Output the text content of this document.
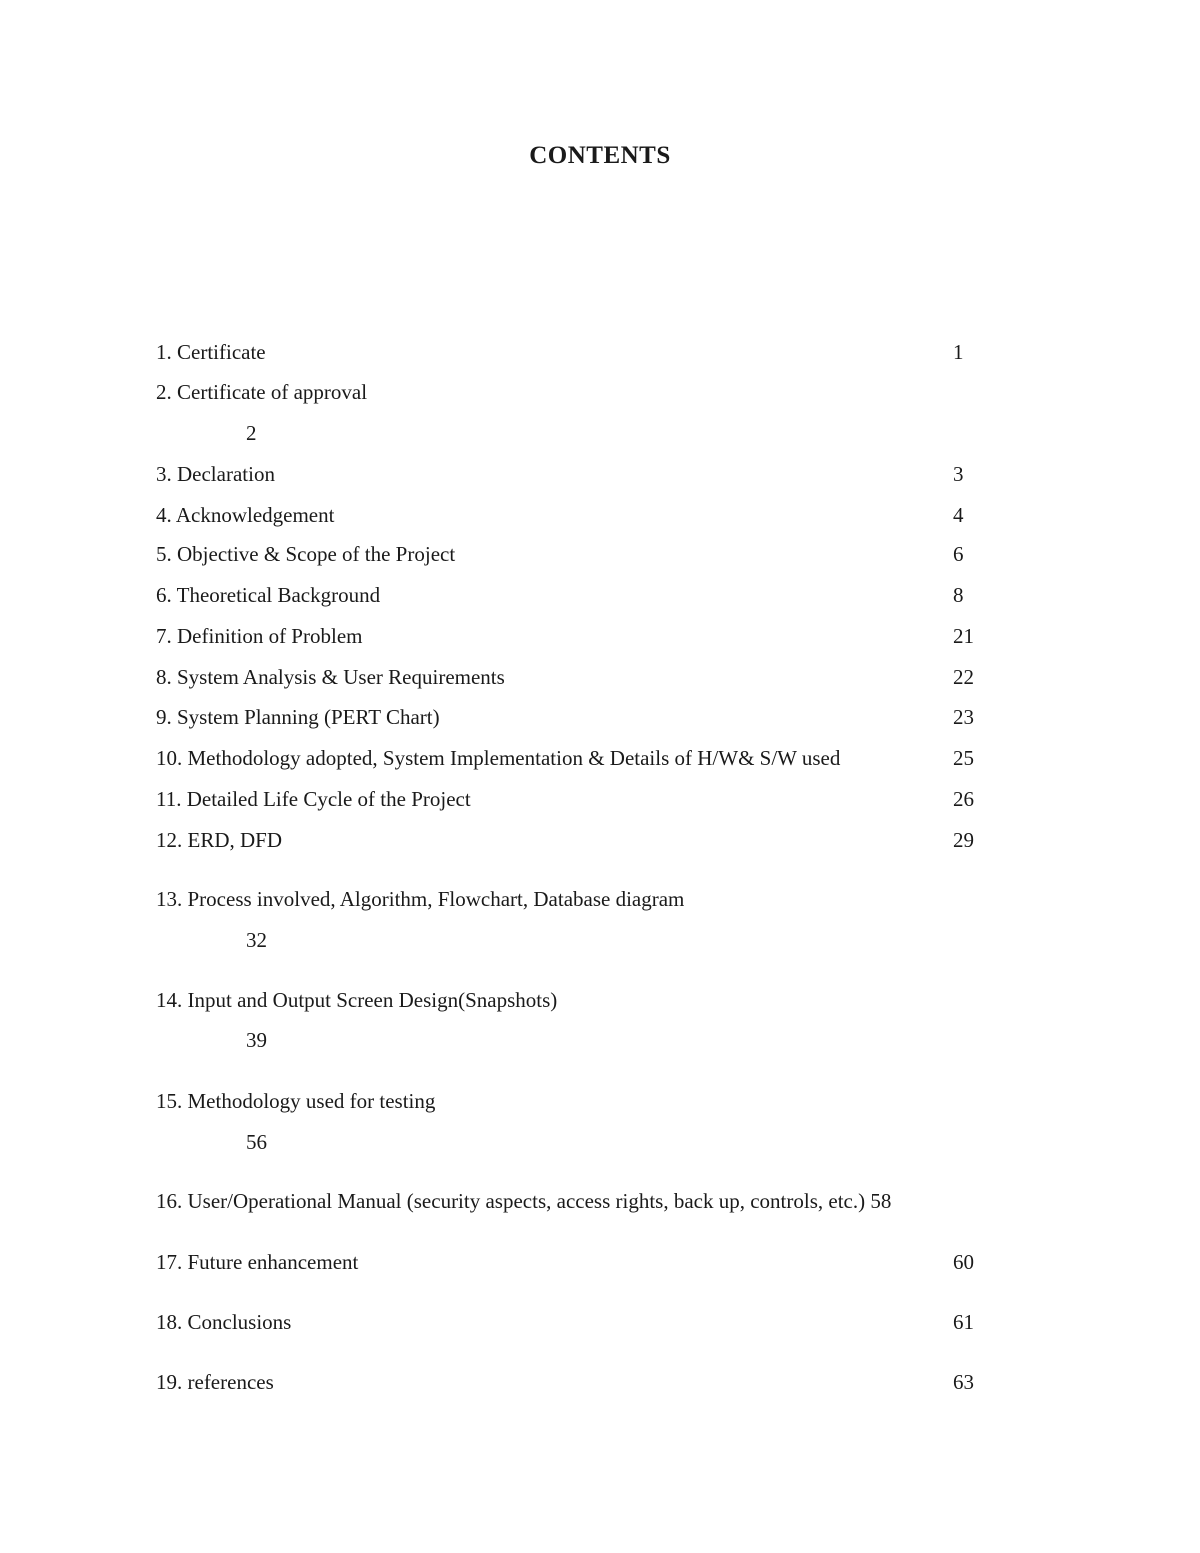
CONTENTS
1. Certificate	1
2. Certificate of approval
2
3. Declaration	3
4. Acknowledgement	4
5. Objective & Scope of the Project	6
6. Theoretical Background	8
7. Definition of Problem	21
8. System Analysis & User Requirements	22
9. System Planning (PERT Chart)	23
10. Methodology adopted, System Implementation & Details of H/W& S/W used	25
11. Detailed Life Cycle of the Project	26
12. ERD, DFD	29
13. Process involved, Algorithm, Flowchart, Database diagram
32
14. Input and Output Screen Design(Snapshots)
39
15. Methodology used for testing
56
16. User/Operational Manual (security aspects, access rights, back up, controls, etc.) 58
17. Future enhancement	60
18. Conclusions	61
19. references	63
